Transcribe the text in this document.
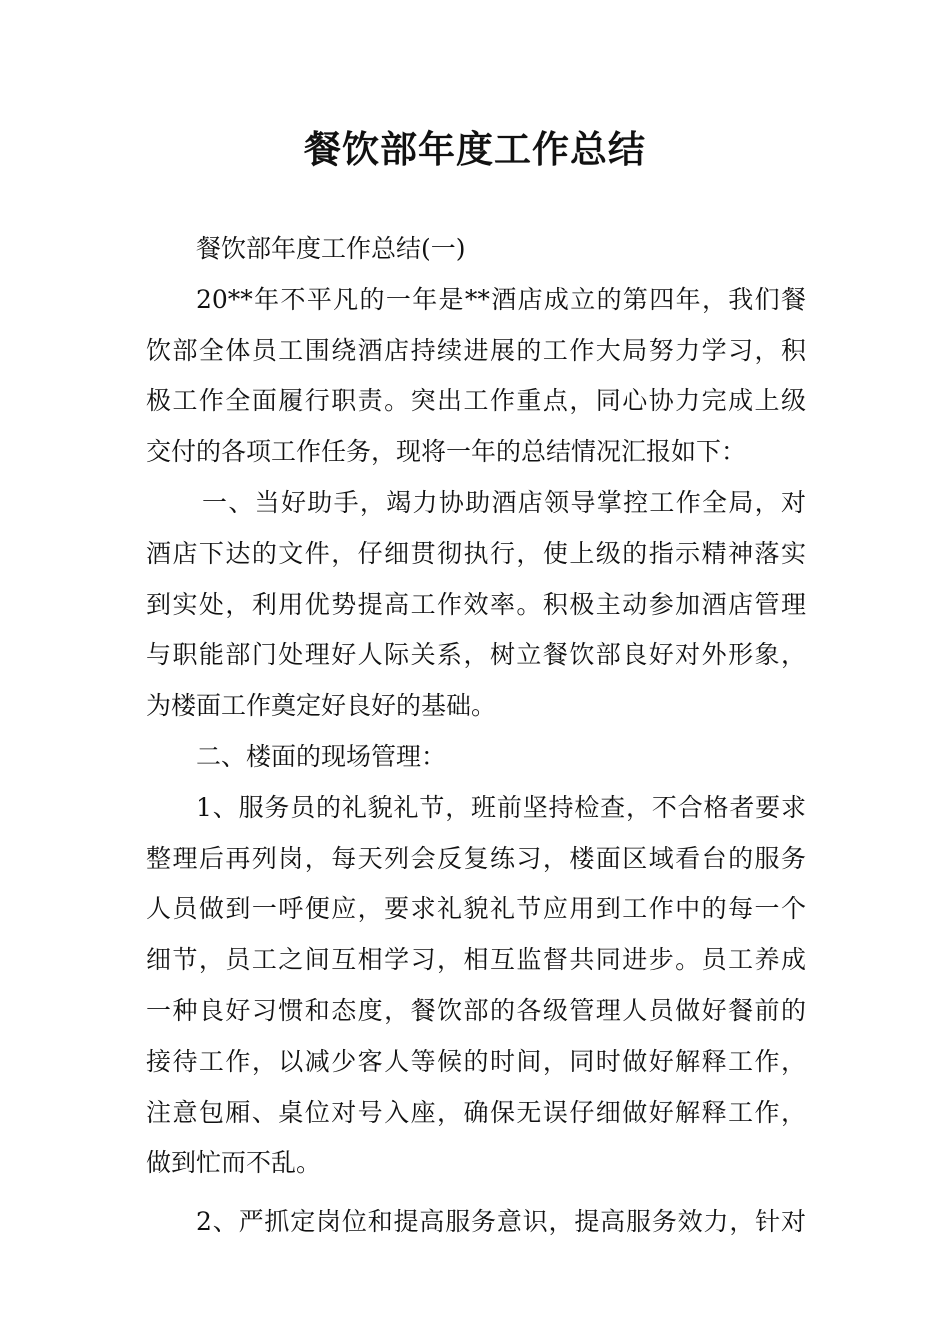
餐饮部年度工作总结
餐饮部年度工作总结(一)
20**年不平凡的一年是**酒店成立的第四年，我们餐
饮部全体员工围绕酒店持续进展的工作大局努力学习，积
极工作全面履行职责。突出工作重点，同心协力完成上级
交付的各项工作任务，现将一年的总结情况汇报如下：
一、当好助手，竭力协助酒店领导掌控工作全局，对
酒店下达的文件，仔细贯彻执行，使上级的指示精神落实
到实处，利用优势提高工作效率。积极主动参加酒店管理
与职能部门处理好人际关系，树立餐饮部良好对外形象，
为楼面工作奠定好良好的基础。
二、楼面的现场管理：
1、服务员的礼貌礼节，班前坚持检查，不合格者要求
整理后再列岗，每天列会反复练习，楼面区域看台的服务
人员做到一呼便应，要求礼貌礼节应用到工作中的每一个
细节，员工之间互相学习，相互监督共同进步。员工养成
一种良好习惯和态度，餐饮部的各级管理人员做好餐前的
接待工作，以减少客人等候的时间，同时做好解释工作，
注意包厢、桌位对号入座，确保无误仔细做好解释工作，
做到忙而不乱。
2、严抓定岗位和提高服务意识，提高服务效力，针对
